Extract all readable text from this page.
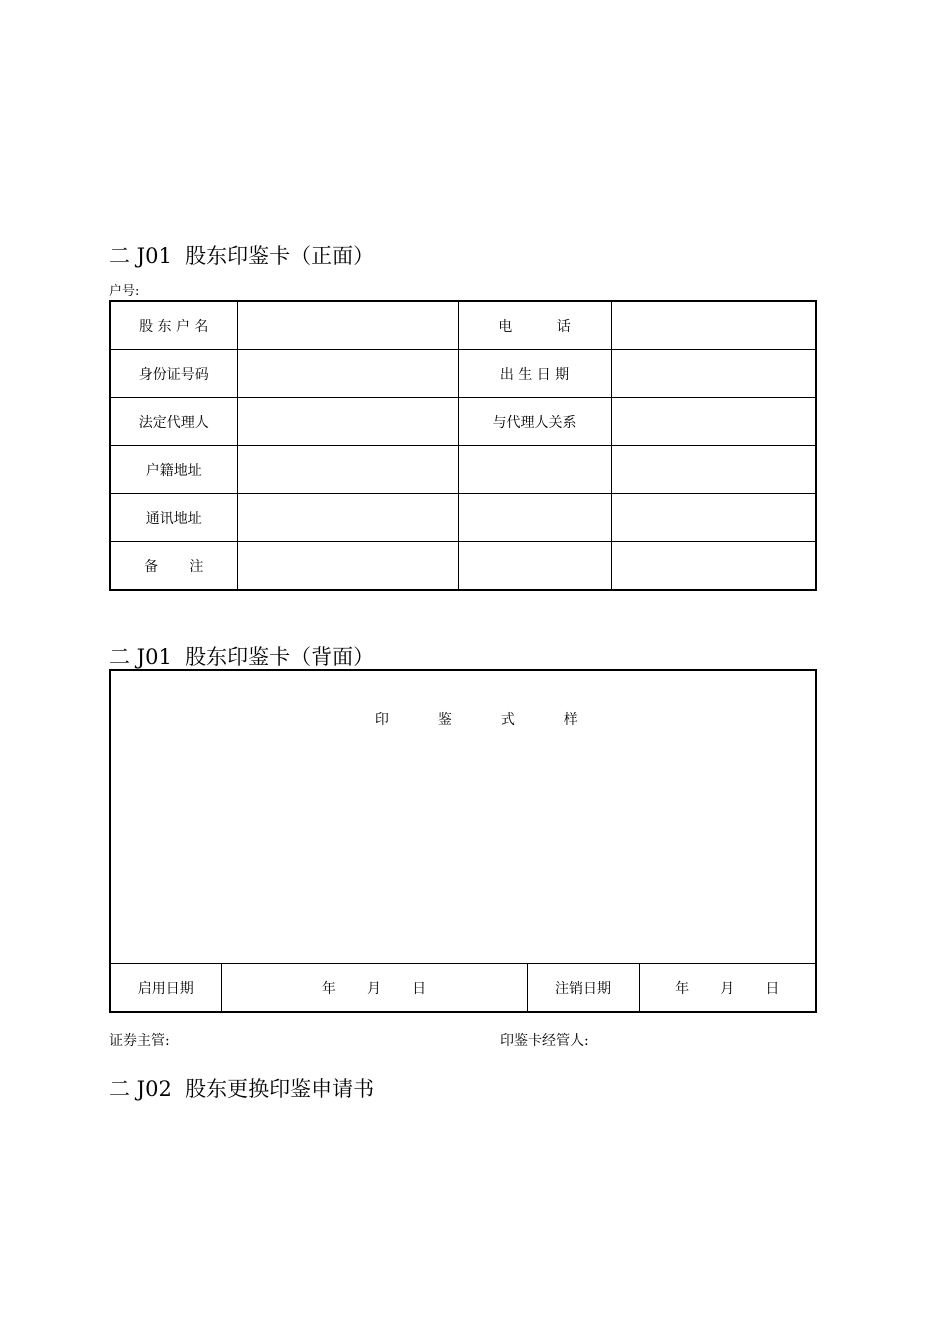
二 J01  股东印鉴卡（正面）
户号:
股 东 户 名		电          话	
身份证号码		出 生 日 期	
法定代理人		与代理人关系	
户籍地址			
通讯地址			
备       注			
二 J01  股东印鉴卡（背面）

印           鉴           式           样

启用日期	年       月       日	注销日期	年       月       日
证券主管:	印鉴卡经管人:
二 J02  股东更换印鉴申请书
